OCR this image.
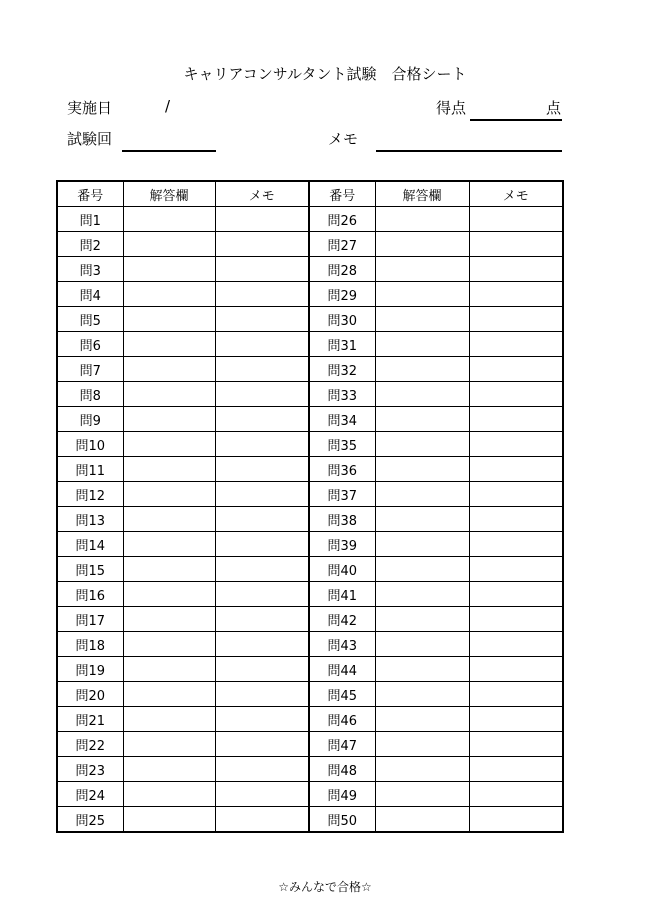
キャリアコンサルタント試験　合格シート
実施日	/	得点	点
試験回	メモ
番号	解答欄	メモ	番号	解答欄	メモ
問1			問26		
問2			問27		
問3			問28		
問4			問29		
問5			問30		
問6			問31		
問7			問32		
問8			問33		
問9			問34		
問10			問35		
問11			問36		
問12			問37		
問13			問38		
問14			問39		
問15			問40		
問16			問41		
問17			問42		
問18			問43		
問19			問44		
問20			問45		
問21			問46		
問22			問47		
問23			問48		
問24			問49		
問25			問50		
☆みんなで合格☆
